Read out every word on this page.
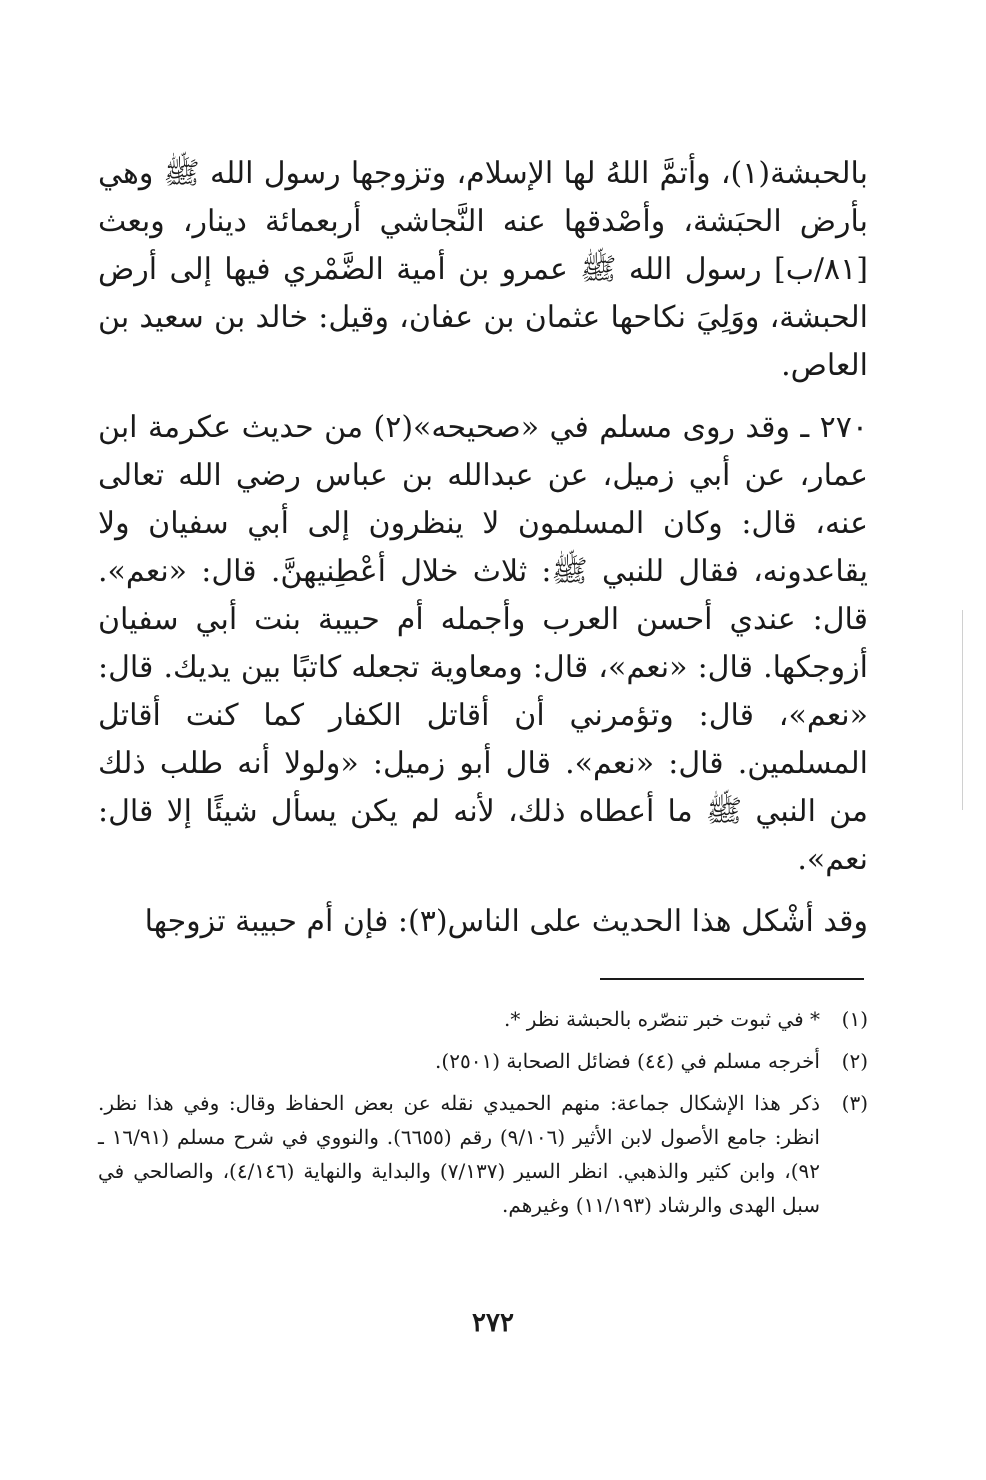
بالحبشة(١)، وأتمَّ اللهُ لها الإسلام، وتزوجها رسول الله ﷺ وهي بأرض الحبَشة، وأصْدقها عنه النَّجاشي أربعمائة دينار، وبعث [٨١/ب] رسول الله ﷺ عمرو بن أمية الضَّمْري فيها إلى أرض الحبشة، ووَلِيَ نكاحها عثمان بن عفان، وقيل: خالد بن سعيد بن العاص.

٢٧٠ ـ وقد روى مسلم في «صحيحه»(٢) من حديث عكرمة ابن عمار، عن أبي زميل، عن عبدالله بن عباس رضي الله تعالى عنه، قال: وكان المسلمون لا ينظرون إلى أبي سفيان ولا يقاعدونه، فقال للنبي ﷺ: ثلاث خلال أعْطِنيهنَّ. قال: «نعم». قال: عندي أحسن العرب وأجمله أم حبيبة بنت أبي سفيان أزوجكها. قال: «نعم»، قال: ومعاوية تجعله كاتبًا بين يديك. قال: «نعم»، قال: وتؤمرني أن أقاتل الكفار كما كنت أقاتل المسلمين. قال: «نعم». قال أبو زميل: «ولولا أنه طلب ذلك من النبي ﷺ ما أعطاه ذلك، لأنه لم يكن يسأل شيئًا إلا قال: نعم».

وقد أشْكل هذا الحديث على الناس(٣): فإن أم حبيبة تزوجها

(١)
* في ثبوت خبر تنصّره بالحبشة نظر *.
(٢)
أخرجه مسلم في (٤٤) فضائل الصحابة (٢٥٠١).
(٣)
ذكر هذا الإشكال جماعة: منهم الحميدي نقله عن بعض الحفاظ وقال: وفي هذا نظر. انظر: جامع الأصول لابن الأثير (٩/١٠٦) رقم (٦٦٥٥). والنووي في شرح مسلم (١٦/٩١ ـ ٩٢)، وابن كثير والذهبي. انظر السير (٧/١٣٧) والبداية والنهاية (٤/١٤٦)، والصالحي في سبل الهدى والرشاد (١١/١٩٣) وغيرهم.
٢٧٢
